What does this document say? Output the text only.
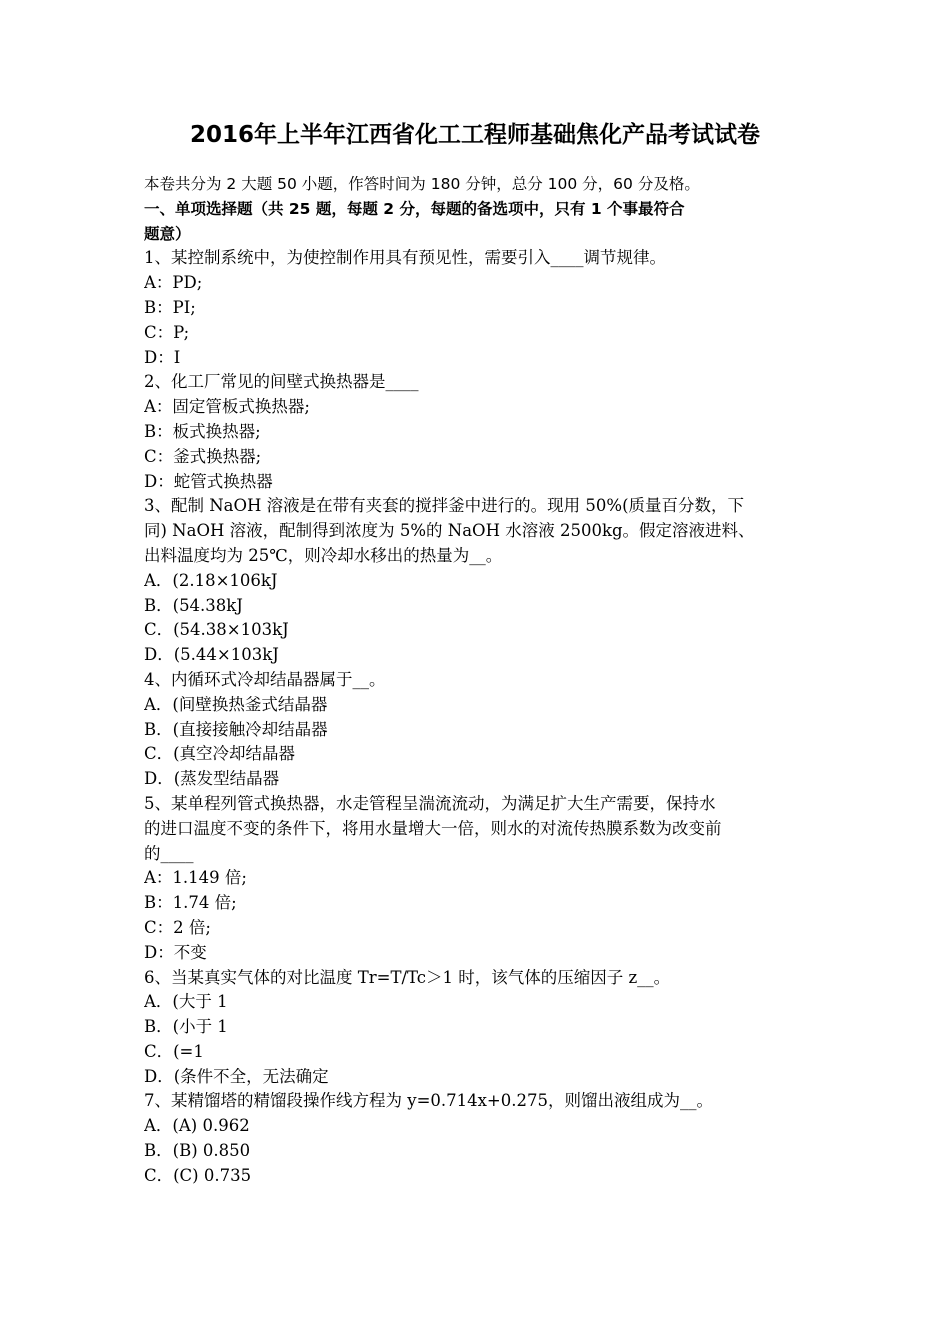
2016年上半年江西省化工工程师基础焦化产品考试试卷
本卷共分为 2 大题 50 小题，作答时间为 180 分钟，总分 100 分，60 分及格。
一、单项选择题（共 25 题，每题 2 分，每题的备选项中，只有 1 个事最符合
题意）
1、某控制系统中，为使控制作用具有预见性，需要引入____调节规律。
A：PD;
B：PI;
C：P;
D：I
2、化工厂常见的间壁式换热器是____
A：固定管板式换热器;
B：板式换热器;
C：釜式换热器;
D：蛇管式换热器
3、配制 NaOH 溶液是在带有夹套的搅拌釜中进行的。现用 50%(质量百分数，下
同) NaOH 溶液，配制得到浓度为 5%的 NaOH 水溶液 2500kg。假定溶液进料、
出料温度均为 25℃，则冷却水移出的热量为__。
A．(2.18×106kJ
B．(54.38kJ
C．(54.38×103kJ
D．(5.44×103kJ
4、内循环式冷却结晶器属于__。
A．(间壁换热釜式结晶器
B．(直接接触冷却结晶器
C．(真空冷却结晶器
D．(蒸发型结晶器
5、某单程列管式换热器，水走管程呈湍流流动，为满足扩大生产需要，保持水
的进口温度不变的条件下，将用水量增大一倍，则水的对流传热膜系数为改变前
的____
A：1.149 倍;
B：1.74 倍;
C：2 倍;
D：不变
6、当某真实气体的对比温度 Tr=T/Tc＞1 时，该气体的压缩因子 z__。
A．(大于 1
B．(小于 1
C．(=1
D．(条件不全，无法确定
7、某精馏塔的精馏段操作线方程为 y=0.714x+0.275，则馏出液组成为__。
A．(A) 0.962
B．(B) 0.850
C．(C) 0.735
